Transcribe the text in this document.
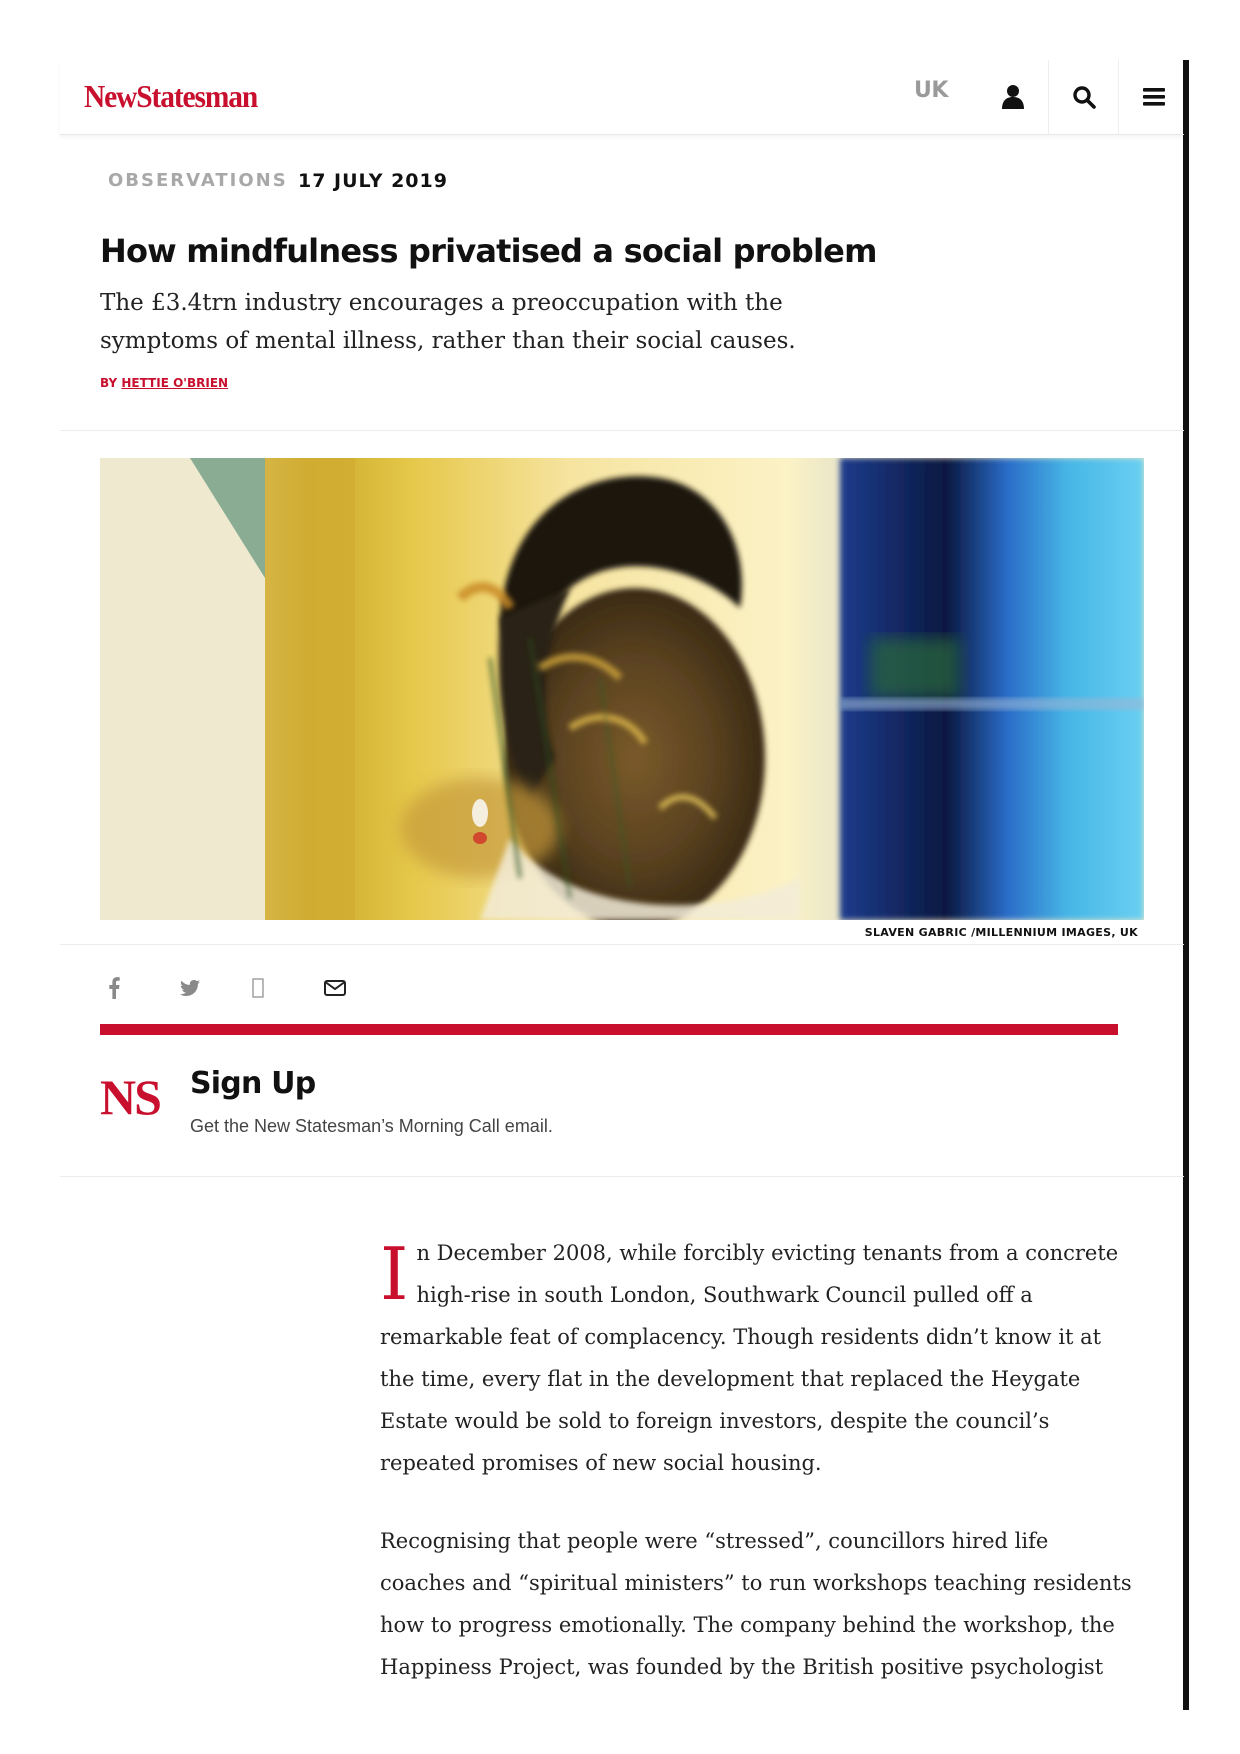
NewStatesman	UK
OBSERVATIONS 17 JULY 2019
How mindfulness privatised a social problem
The £3.4trn industry encourages a preoccupation with the symptoms of mental illness, rather than their social causes.
BY HETTIE O'BRIEN
SLAVEN GABRIC /MILLENNIUM IMAGES, UK
NS Sign Up
Get the New Statesman’s Morning Call email.

In December 2008, while forcibly evicting tenants from a concrete high-rise in south London, Southwark Council pulled off a remarkable feat of complacency. Though residents didn’t know it at the time, every flat in the development that replaced the Heygate Estate would be sold to foreign investors, despite the council’s repeated promises of new social housing.

Recognising that people were “stressed”, councillors hired life coaches and “spiritual ministers” to run workshops teaching residents how to progress emotionally. The company behind the workshop, the Happiness Project, was founded by the British positive psychologist
